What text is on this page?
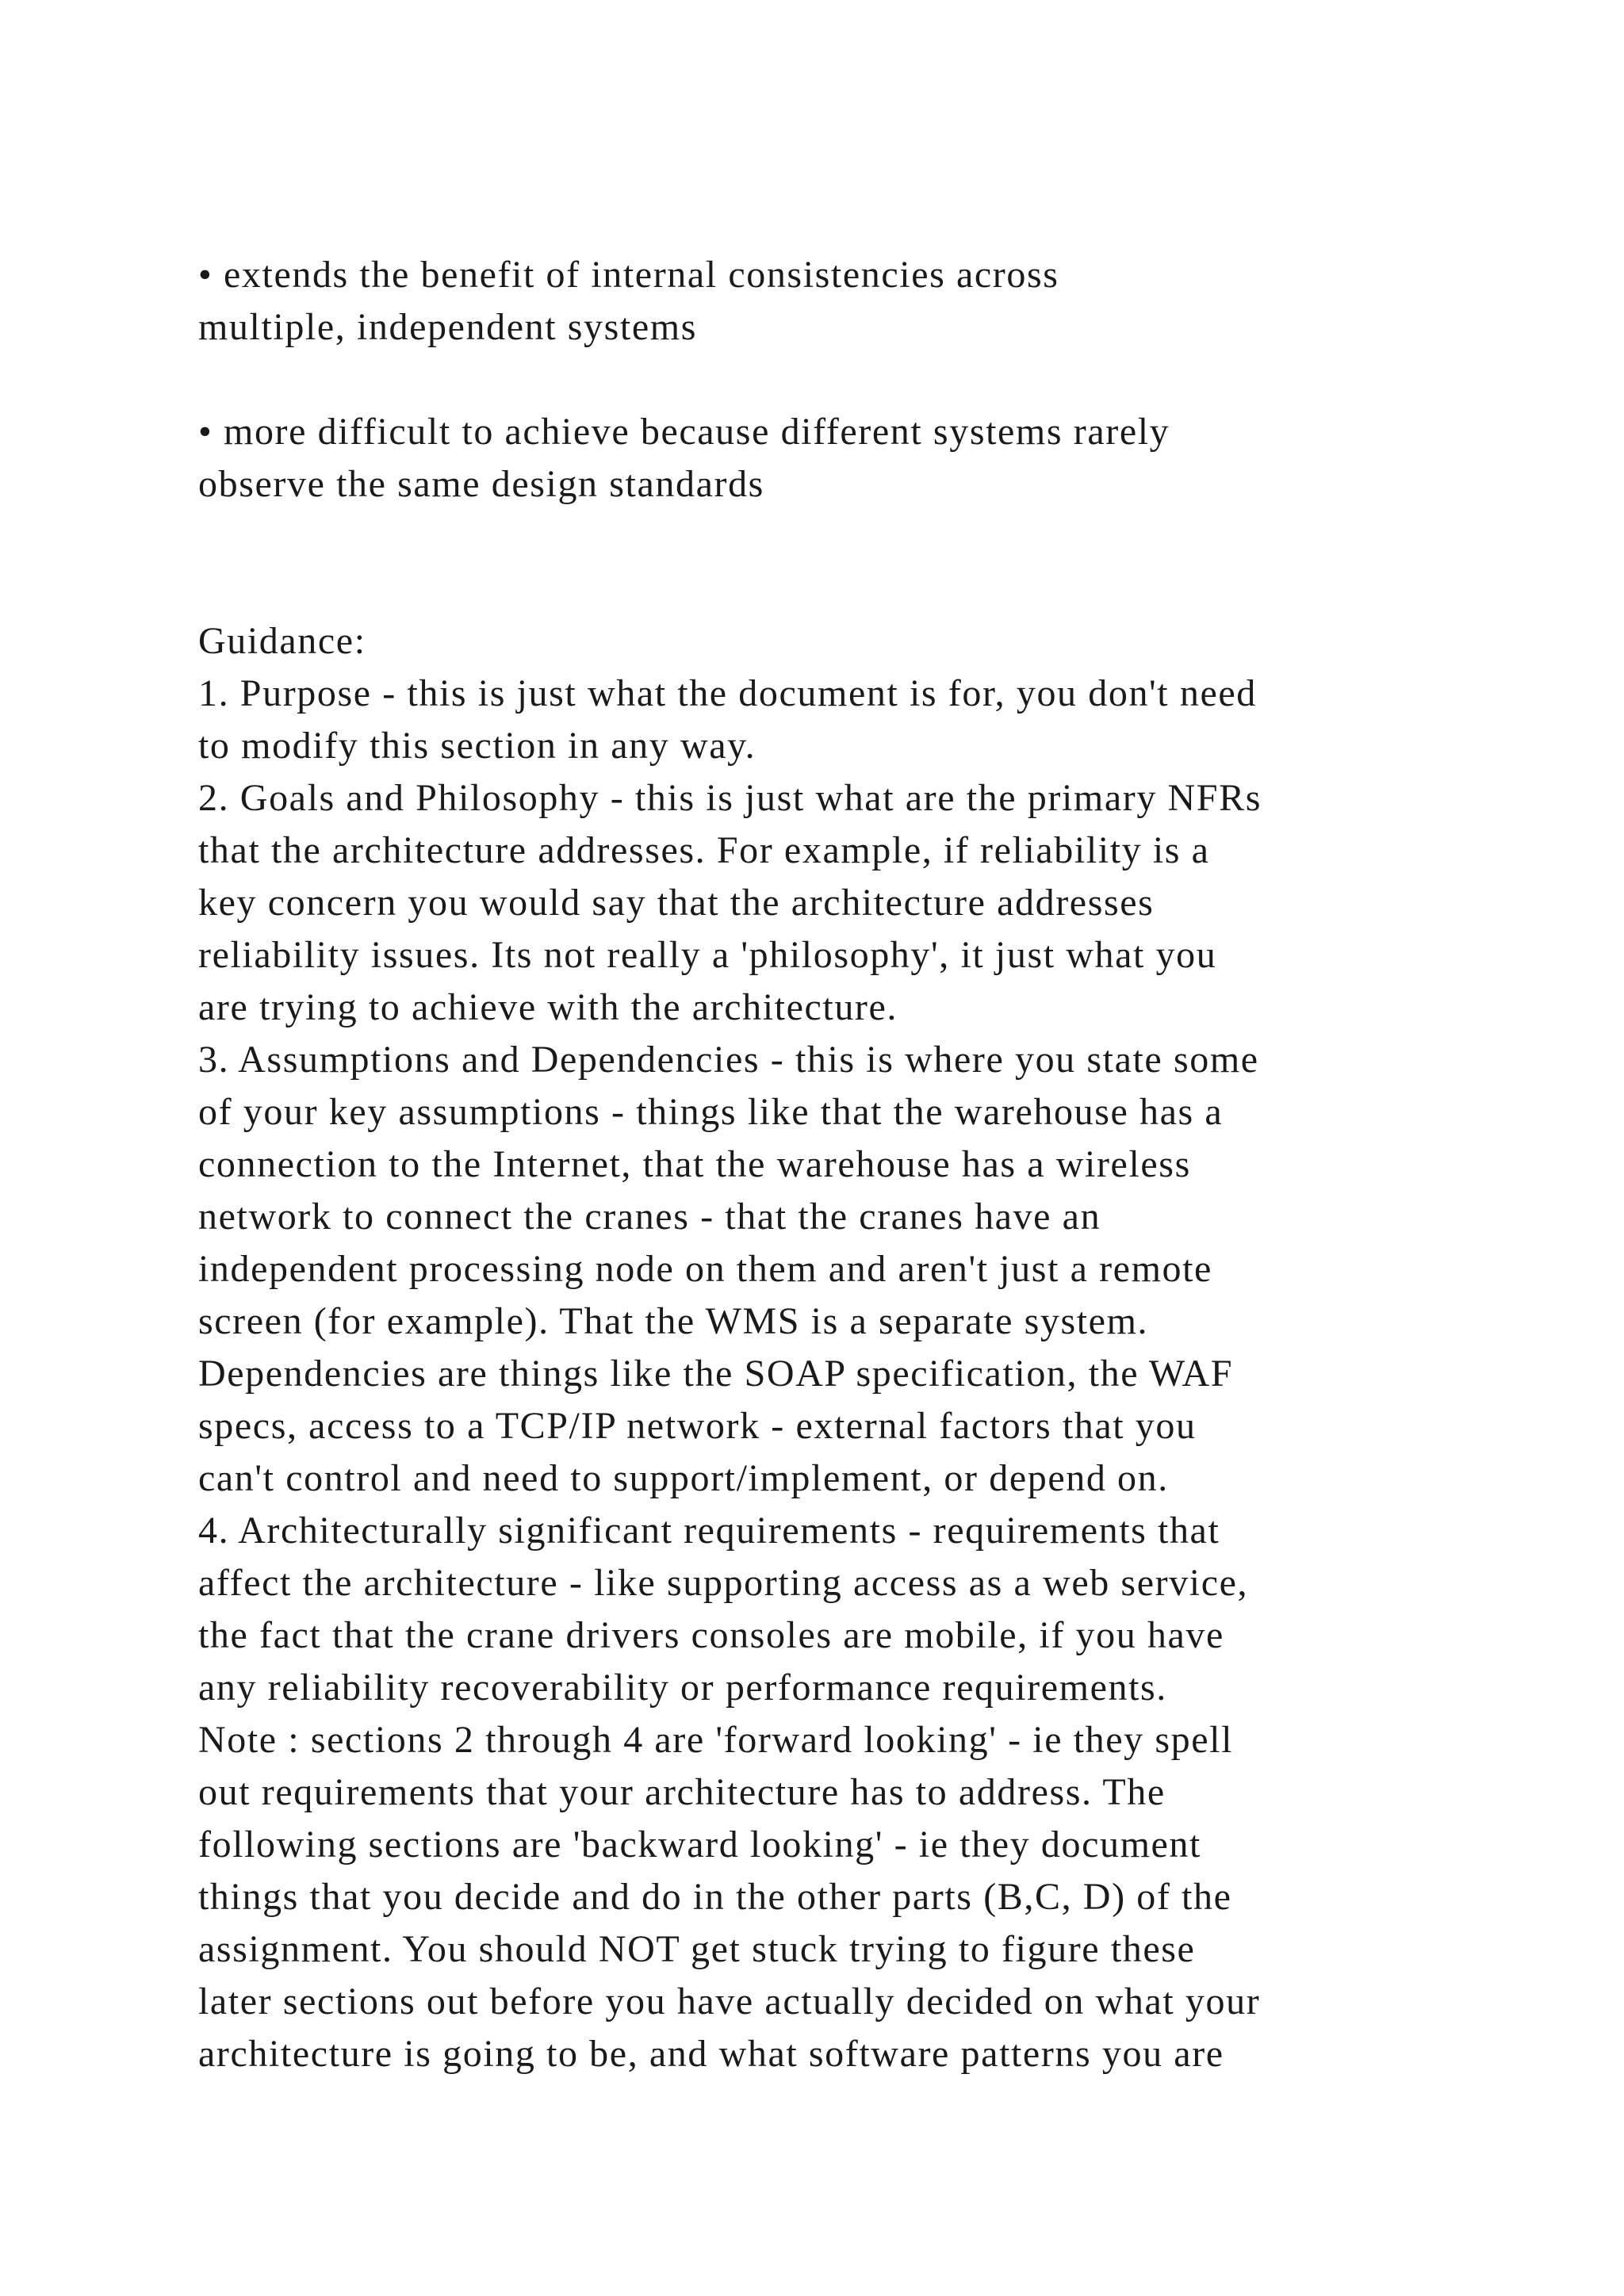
• extends the benefit of internal consistencies across
multiple, independent systems
• more difficult to achieve because different systems rarely
observe the same design standards
Guidance:
1. Purpose - this is just what the document is for, you don't need
to modify this section in any way.
2. Goals and Philosophy - this is just what are the primary NFRs
that the architecture addresses. For example, if reliability is a
key concern you would say that the architecture addresses
reliability issues. Its not really a 'philosophy', it just what you
are trying to achieve with the architecture.
3. Assumptions and Dependencies - this is where you state some
of your key assumptions - things like that the warehouse has a
connection to the Internet, that the warehouse has a wireless
network to connect the cranes - that the cranes have an
independent processing node on them and aren't just a remote
screen (for example). That the WMS is a separate system.
Dependencies are things like the SOAP specification, the WAF
specs, access to a TCP/IP network - external factors that you
can't control and need to support/implement, or depend on.
4. Architecturally significant requirements - requirements that
affect the architecture - like supporting access as a web service,
the fact that the crane drivers consoles are mobile, if you have
any reliability recoverability or performance requirements.
Note : sections 2 through 4 are 'forward looking' - ie they spell
out requirements that your architecture has to address. The
following sections are 'backward looking' - ie they document
things that you decide and do in the other parts (B,C, D) of the
assignment. You should NOT get stuck trying to figure these
later sections out before you have actually decided on what your
architecture is going to be, and what software patterns you are
